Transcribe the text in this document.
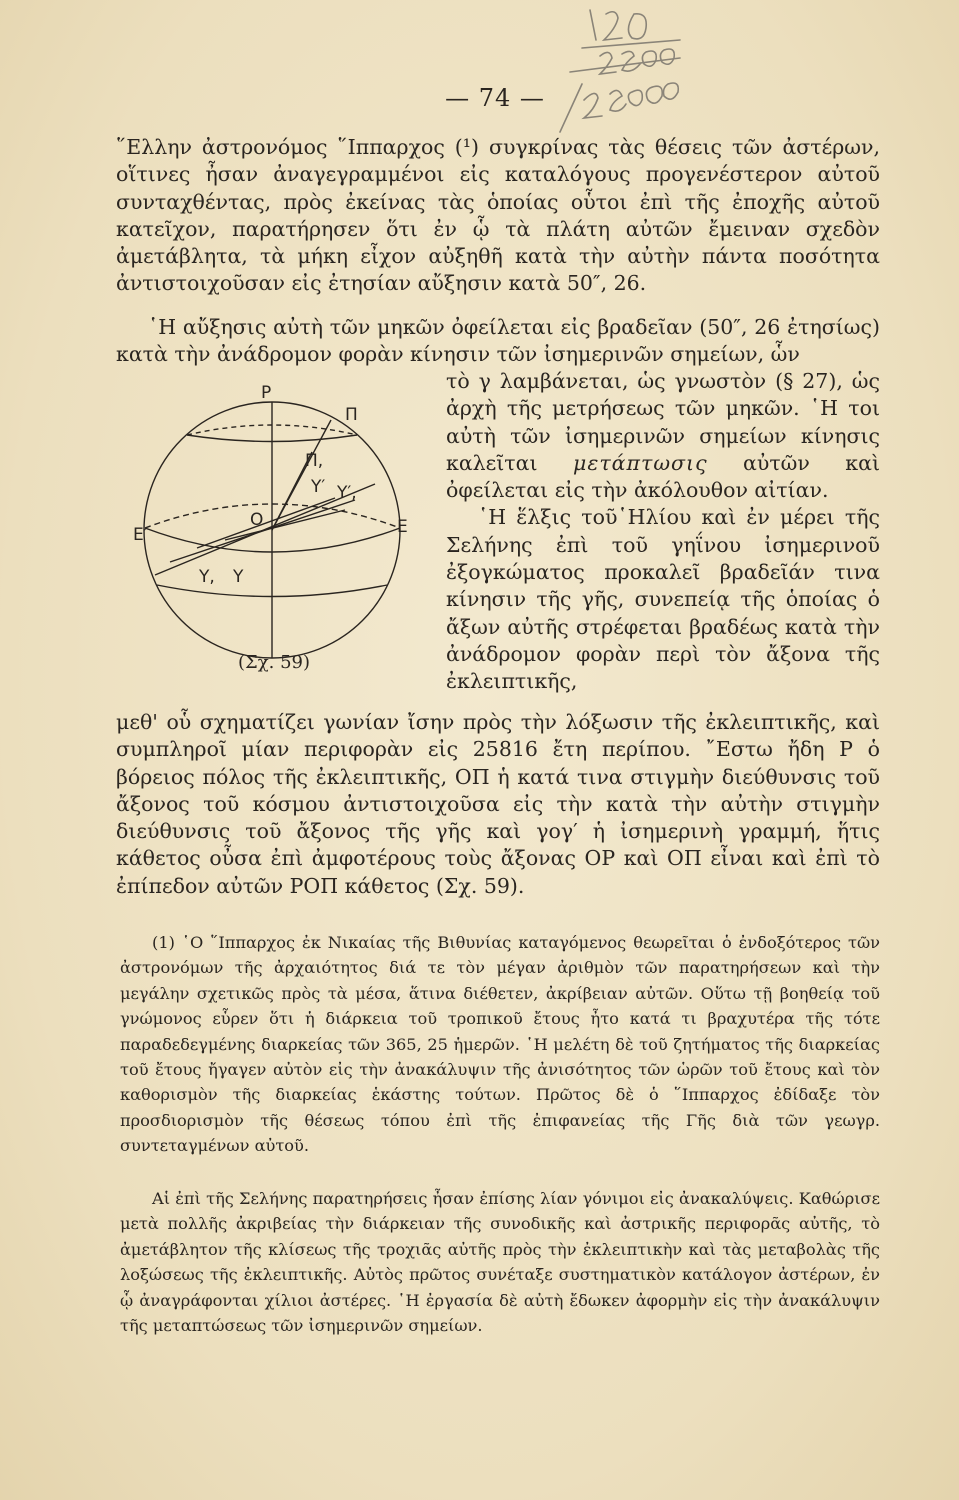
— 74 —

῞Ελλην ἀστρονόμος ῞Ιππαρχος (¹) συγκρίνας τὰς θέσεις τῶν ἀστέρων, οἵτινες ἦσαν ἀναγεγραμμένοι εἰς καταλόγους προγενέστερον αὐτοῦ συνταχθέντας, πρὸς ἐκείνας τὰς ὁποίας οὗτοι ἐπὶ τῆς ἐποχῆς αὐτοῦ κατεῖχον, παρατήρησεν ὅτι ἐν ᾧ τὰ πλάτη αὐτῶν ἔμειναν σχεδὸν ἀμετάβλητα, τὰ μήκη εἶχον αὐξηθῆ κατὰ τὴν αὐτὴν πάντα ποσότητα ἀντιστοιχοῦσαν εἰς ἐτησίαν αὔξησιν κατὰ 50″, 26.

῾Η αὔξησις αὐτὴ τῶν μηκῶν ὀφείλεται εἰς βραδεῖαν (50″, 26 ἐτησίως) κατὰ τὴν ἀνάδρομον φορὰν κίνησιν τῶν ἰσημερινῶν σημείων, ὧν

Ρ
Π
Π,
Υ′ Υ′,
Ο
Ε′	Ε
Υ, Υ
(Σχ. 59)

τὸ γ λαμβάνεται, ὡς γνωστὸν (§ 27), ὡς ἀρχὴ τῆς μετρήσεως τῶν μηκῶν. ῾Η τοι αὐτὴ τῶν ἰσημερινῶν σημείων κίνησις καλεῖται μετάπτωσις αὐτῶν καὶ ὀφείλεται εἰς τὴν ἀκόλουθον αἰτίαν.

῾Η ἕλξις τοῦ῾Ηλίου καὶ ἐν μέρει τῆς Σελήνης ἐπὶ τοῦ γηΐνου ἰσημερινοῦ ἐξογκώματος προκαλεῖ βραδεῖάν τινα κίνησιν τῆς γῆς, συνεπείᾳ τῆς ὁποίας ὁ ἄξων αὐτῆς στρέφεται βραδέως κατὰ τὴν ἀνάδρομον φορὰν περὶ τὸν ἄξονα τῆς ἐκλειπτικῆς,

μεθ' οὗ σχηματίζει γωνίαν ἴσην πρὸς τὴν λόξωσιν τῆς ἐκλειπτικῆς, καὶ συμπληροῖ μίαν περιφορὰν εἰς 25816 ἔτη περίπου. ῎Εστω ἤδη Ρ ὁ βόρειος πόλος τῆς ἐκλειπτικῆς, ΟΠ ἡ κατά τινα στιγμὴν διεύθυνσις τοῦ ἄξονος τοῦ κόσμου ἀντιστοιχοῦσα εἰς τὴν κατὰ τὴν αὐτὴν στιγμὴν διεύθυνσις τοῦ ἄξονος τῆς γῆς καὶ γογ′ ἡ ἰσημερινὴ γραμμή, ἥτις κάθετος οὖσα ἐπὶ ἀμφοτέρους τοὺς ἄξονας ΟΡ καὶ ΟΠ εἶναι καὶ ἐπὶ τὸ ἐπίπεδον αὐτῶν ΡΟΠ κάθετος (Σχ. 59).

(1) ῾Ο ῞Ιππαρχος ἐκ Νικαίας τῆς Βιθυνίας καταγόμενος θεωρεῖται ὁ ἐνδοξότερος τῶν ἀστρονόμων τῆς ἀρχαιότητος διά τε τὸν μέγαν ἀριθμὸν τῶν παρατηρήσεων καὶ τὴν μεγάλην σχετικῶς πρὸς τὰ μέσα, ἅτινα διέθετεν, ἀκρίβειαν αὐτῶν. Οὕτω τῇ βοηθείᾳ τοῦ γνώμονος εὗρεν ὅτι ἡ διάρκεια τοῦ τροπικοῦ ἔτους ἦτο κατά τι βραχυτέρα τῆς τότε παραδεδεγμένης διαρκείας τῶν 365, 25 ἡμερῶν. ῾Η μελέτη δὲ τοῦ ζητήματος τῆς διαρκείας τοῦ ἔτους ἤγαγεν αὐτὸν εἰς τὴν ἀνακάλυψιν τῆς ἀνισότητος τῶν ὡρῶν τοῦ ἔτους καὶ τὸν καθορισμὸν τῆς διαρκείας ἑκάστης τούτων. Πρῶτος δὲ ὁ ῞Ιππαρχος ἐδίδαξε τὸν προσδιορισμὸν τῆς θέσεως τόπου ἐπὶ τῆς ἐπιφανείας τῆς Γῆς διὰ τῶν γεωγρ. συντεταγμένων αὐτοῦ.

Αἱ ἐπὶ τῆς Σελήνης παρατηρήσεις ἦσαν ἐπίσης λίαν γόνιμοι εἰς ἀνακαλύψεις. Καθώρισε μετὰ πολλῆς ἀκριβείας τὴν διάρκειαν τῆς συνοδικῆς καὶ ἀστρικῆς περιφορᾶς αὐτῆς, τὸ ἀμετάβλητον τῆς κλίσεως τῆς τροχιᾶς αὐτῆς πρὸς τὴν ἐκλειπτικὴν καὶ τὰς μεταβολὰς τῆς λοξώσεως τῆς ἐκλειπτικῆς. Αὐτὸς πρῶτος συνέταξε συστηματικὸν κατάλογον ἀστέρων, ἐν ᾧ ἀναγράφονται χίλιοι ἀστέρες. ῾Η ἐργασία δὲ αὐτὴ ἔδωκεν ἀφορμὴν εἰς τὴν ἀνακάλυψιν τῆς μεταπτώσεως τῶν ἰσημερινῶν σημείων.
